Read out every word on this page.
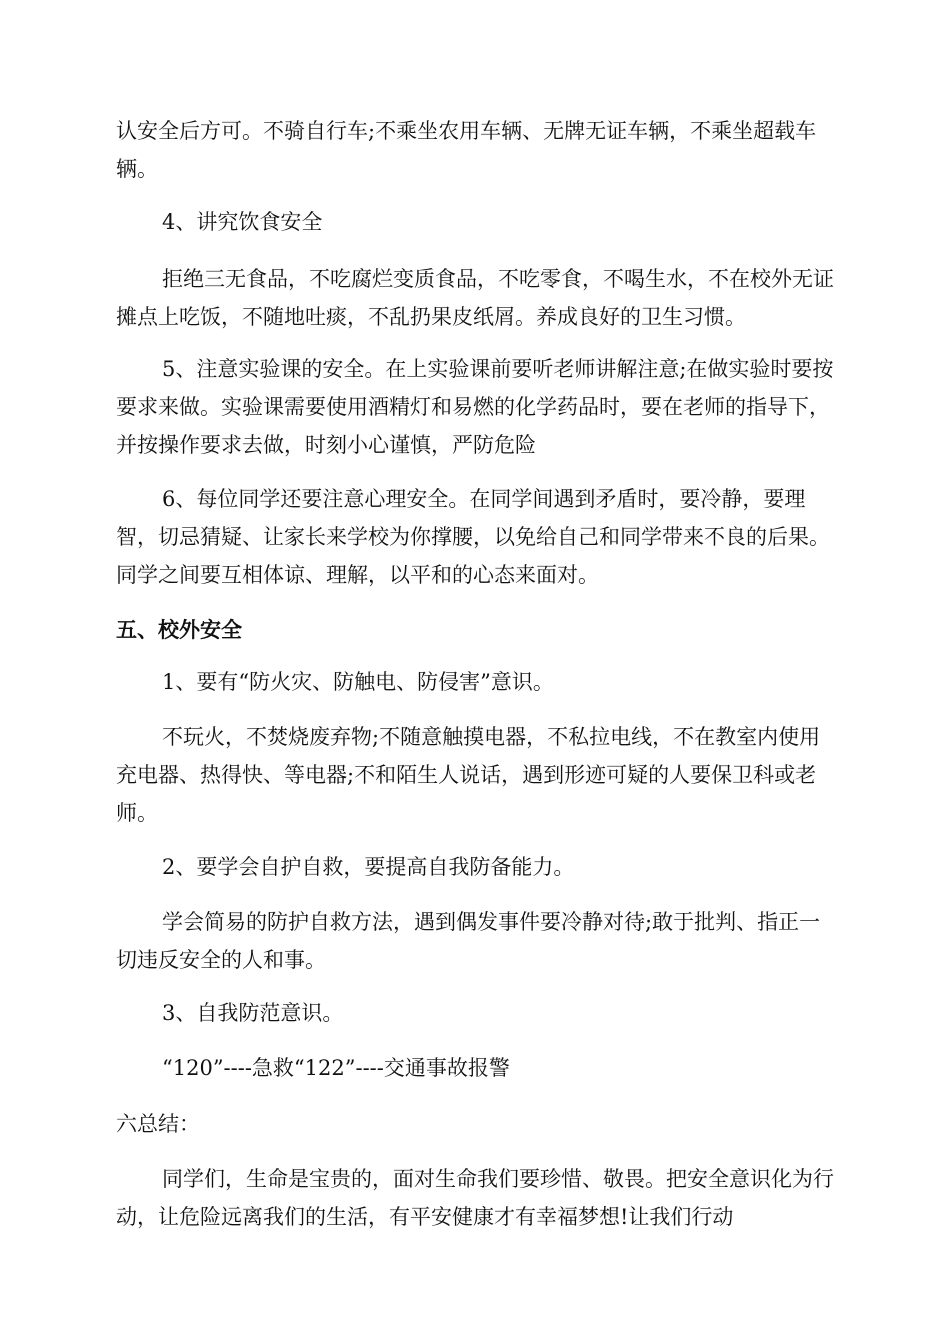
认安全后方可。不骑自行车;不乘坐农用车辆、无牌无证车辆，不乘坐超载车辆。

4、讲究饮食安全

拒绝三无食品，不吃腐烂变质食品，不吃零食，不喝生水，不在校外无证摊点上吃饭，不随地吐痰，不乱扔果皮纸屑。养成良好的卫生习惯。

5、注意实验课的安全。在上实验课前要听老师讲解注意;在做实验时要按要求来做。实验课需要使用酒精灯和易燃的化学药品时，要在老师的指导下，并按操作要求去做，时刻小心谨慎，严防危险

6、每位同学还要注意心理安全。在同学间遇到矛盾时，要冷静，要理智，切忌猜疑、让家长来学校为你撑腰，以免给自己和同学带来不良的后果。同学之间要互相体谅、理解，以平和的心态来面对。

五、校外安全

1、要有“防火灾、防触电、防侵害”意识。

不玩火，不焚烧废弃物;不随意触摸电器，不私拉电线，不在教室内使用充电器、热得快、等电器;不和陌生人说话，遇到形迹可疑的人要保卫科或老师。

2、要学会自护自救，要提高自我防备能力。

学会简易的防护自救方法，遇到偶发事件要冷静对待;敢于批判、指正一切违反安全的人和事。

3、自我防范意识。

“120”----急救“122”----交通事故报警

六总结：

同学们，生命是宝贵的，面对生命我们要珍惜、敬畏。把安全意识化为行动，让危险远离我们的生活，有平安健康才有幸福梦想!让我们行动
